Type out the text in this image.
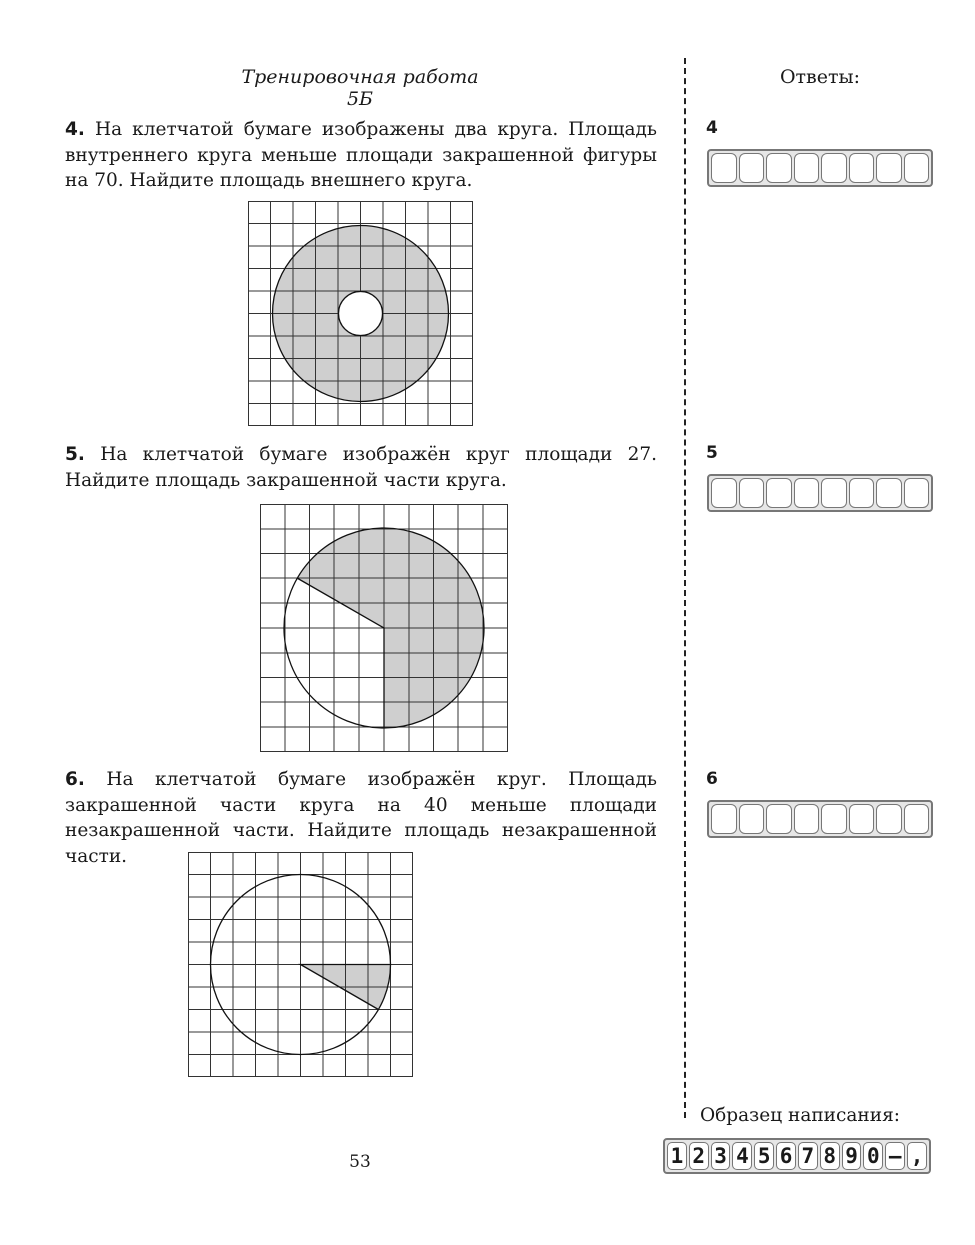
Тренировочная работа 5Б
Ответы:
4. На клетчатой бумаге изображены два круга. Площадь внутреннего круга меньше площади закрашенной фигуры на 70. Найдите площадь внешнего круга.
5. На клетчатой бумаге изображён круг площади 27. Найдите площадь закрашенной части круга.
6. На клетчатой бумаге изображён круг. Площадь закрашенной части круга на 40 меньше площади незакрашенной части. Найдите площадь незакрашенной части.
4
5
6
Образец написания:
1 2 3 4 5 6 7 8 9 0 – ,
53
